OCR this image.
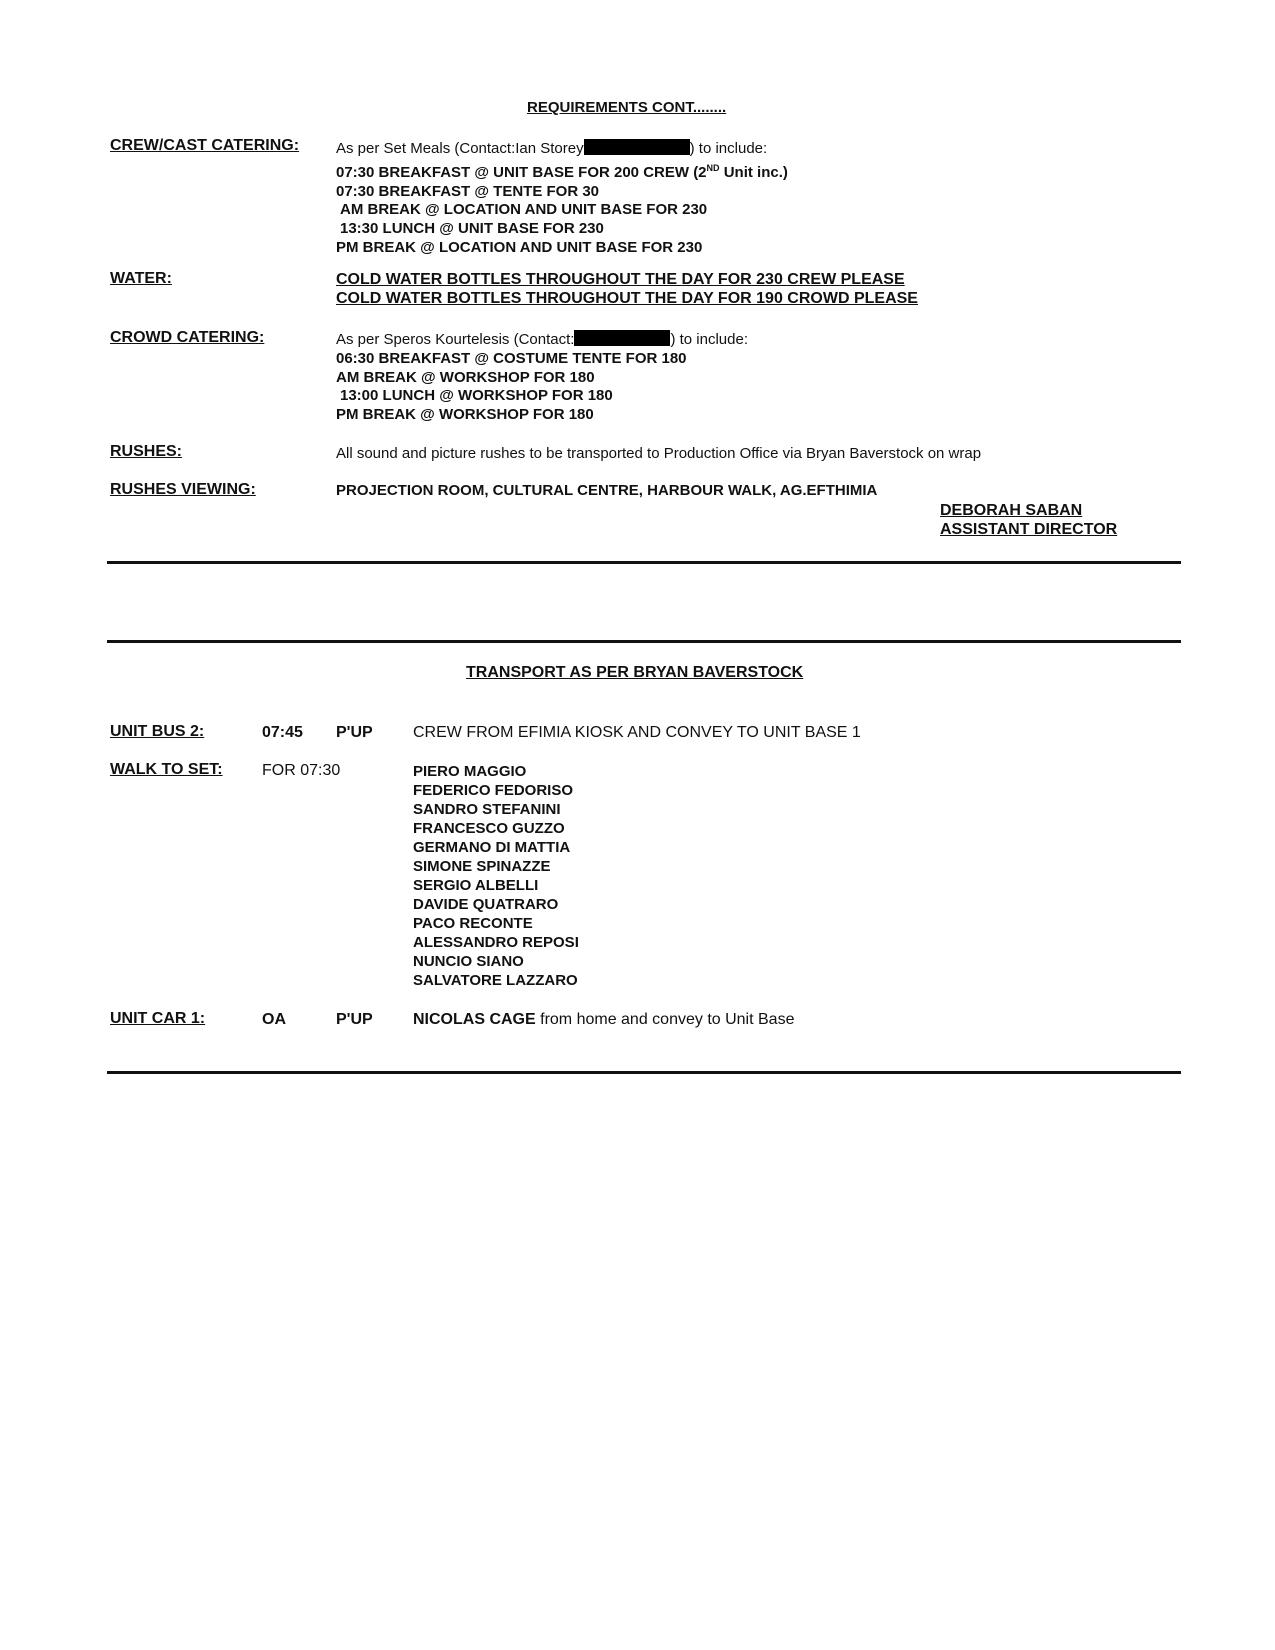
REQUIREMENTS CONT........
CREW/CAST CATERING: As per Set Meals (Contact:Ian Storey	) to include:
07:30 BREAKFAST @ UNIT BASE FOR 200 CREW (2ND Unit inc.)
07:30 BREAKFAST @ TENTE FOR 30
AM BREAK @ LOCATION AND UNIT BASE FOR 230
13:30 LUNCH @ UNIT BASE FOR 230
PM BREAK @ LOCATION AND UNIT BASE FOR 230
WATER:	COLD WATER BOTTLES THROUGHOUT THE DAY FOR 230 CREW PLEASE
COLD WATER BOTTLES THROUGHOUT THE DAY FOR 190 CROWD PLEASE
CROWD CATERING:	As per Speros Kourtelesis (Contact:	) to include:
06:30 BREAKFAST @ COSTUME TENTE FOR 180
AM BREAK @ WORKSHOP FOR 180
13:00 LUNCH @ WORKSHOP FOR 180
PM BREAK @ WORKSHOP FOR 180
RUSHES:	All sound and picture rushes to be transported to Production Office via Bryan Baverstock on wrap
RUSHES VIEWING:	PROJECTION ROOM, CULTURAL CENTRE, HARBOUR WALK, AG.EFTHIMIA
DEBORAH SABAN
ASSISTANT DIRECTOR
TRANSPORT AS PER BRYAN BAVERSTOCK
UNIT BUS 2:	07:45 P'UP	CREW FROM EFIMIA KIOSK AND CONVEY TO UNIT BASE 1
WALK TO SET: FOR 07:30	PIERO MAGGIO
FEDERICO FEDORISO
SANDRO STEFANINI
FRANCESCO GUZZO
GERMANO DI MATTIA
SIMONE SPINAZZE
SERGIO ALBELLI
DAVIDE QUATRARO
PACO RECONTE
ALESSANDRO REPOSI
NUNCIO SIANO
SALVATORE LAZZARO
UNIT CAR 1:	OA	P'UP	NICOLAS CAGE from home and convey to Unit Base
